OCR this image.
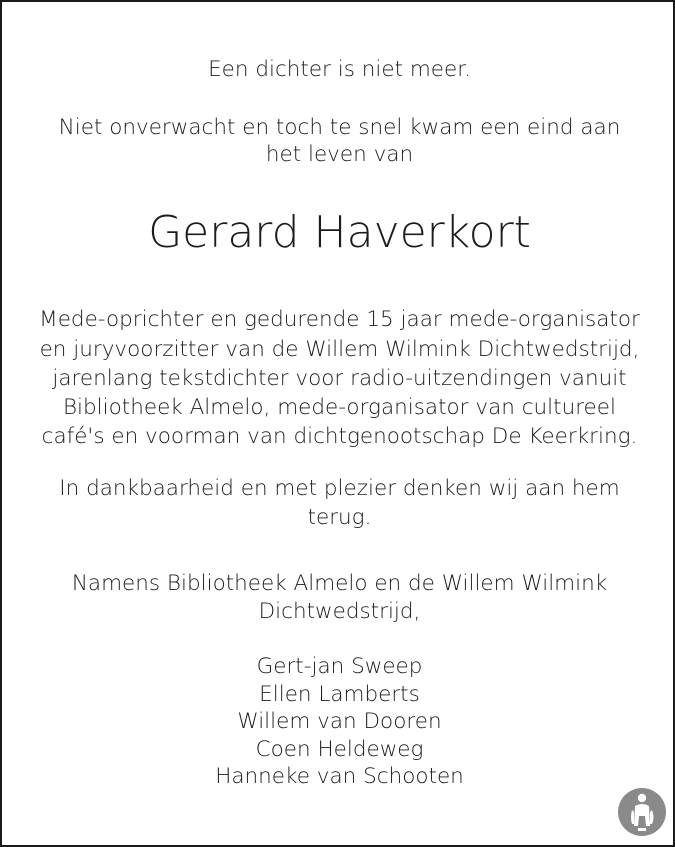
Een dichter is niet meer.
Niet onverwacht en toch te snel kwam een eind aan
het leven van
Gerard Haverkort
Mede-oprichter en gedurende 15 jaar mede-organisator
en juryvoorzitter van de Willem Wilmink Dichtwedstrijd,
jarenlang tekstdichter voor radio-uitzendingen vanuit
Bibliotheek Almelo, mede-organisator van cultureel
café's en voorman van dichtgenootschap De Keerkring.
In dankbaarheid en met plezier denken wij aan hem
terug.
Namens Bibliotheek Almelo en de Willem Wilmink
Dichtwedstrijd,
Gert-jan Sweep
Ellen Lamberts
Willem van Dooren
Coen Heldeweg
Hanneke van Schooten
